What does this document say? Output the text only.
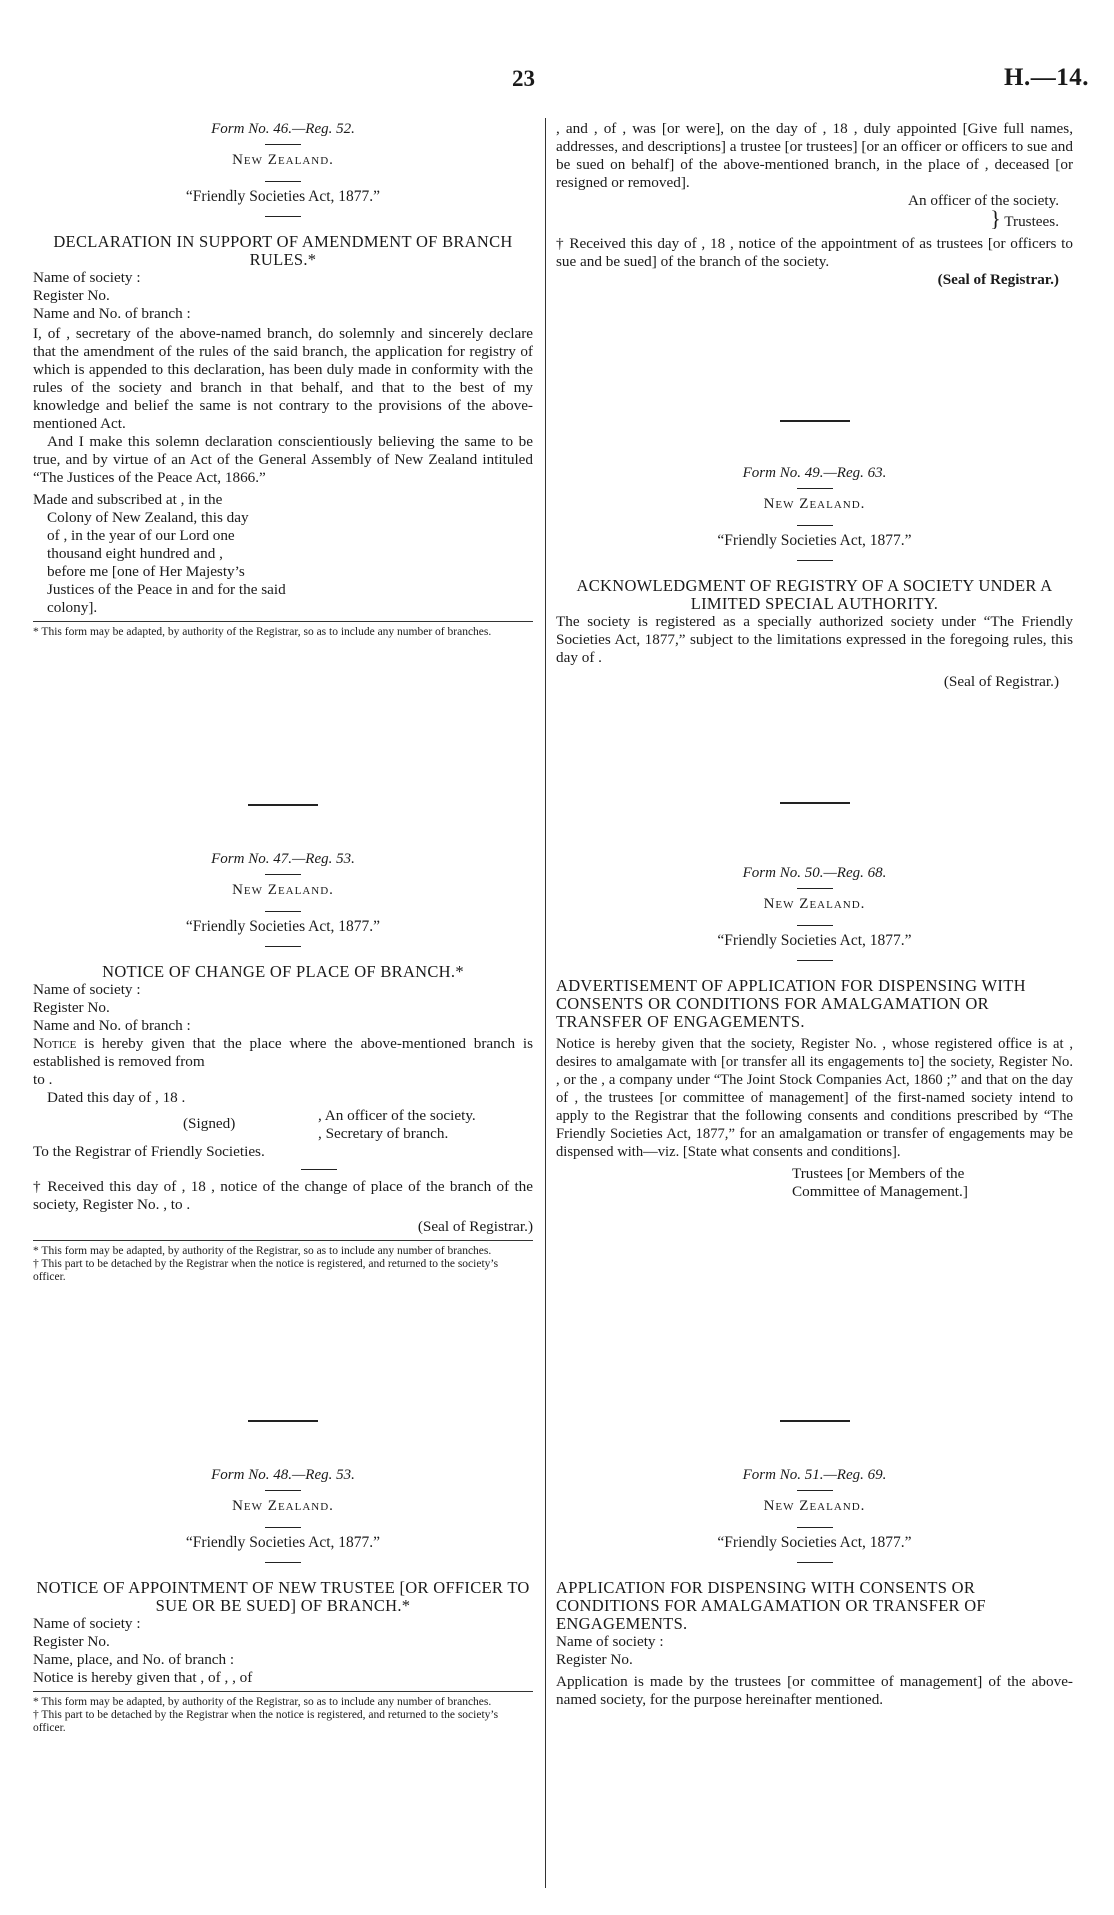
23	H.—14.
Form No. 46.—Reg. 52.
New Zealand.
“Friendly Societies Act, 1877.”
DECLARATION IN SUPPORT OF AMENDMENT OF BRANCH RULES.*
Name of society :
Register No.
Name and No. of branch :
I, of , secretary of the above-named branch, do solemnly and sincerely declare that the amendment of the rules of the said branch, the application for registry of which is appended to this declaration, has been duly made in conformity with the rules of the society and branch in that behalf, and that to the best of my knowledge and belief the same is not contrary to the provisions of the above-mentioned Act.
And I make this solemn declaration conscientiously believing the same to be true, and by virtue of an Act of the General Assembly of New Zealand intituled “The Justices of the Peace Act, 1866.”
Made and subscribed at , in the
Colony of New Zealand, this day
of , in the year of our Lord one
thousand eight hundred and ,
before me [one of Her Majesty’s
Justices of the Peace in and for the said
colony].
* This form may be adapted, by authority of the Registrar, so as to include any number of branches.
Form No. 47.—Reg. 53.
New Zealand.
“Friendly Societies Act, 1877.”
NOTICE OF CHANGE OF PLACE OF BRANCH.*
Name of society :
Register No.
Name and No. of branch :
Notice is hereby given that the place where the above-mentioned branch is established is removed from
to .
Dated this day of , 18 .
(Signed)	, An officer of the society.
, Secretary of branch.
To the Registrar of Friendly Societies.
† Received this day of , 18 , notice of the change of place of the branch of the society, Register No. , to .
(Seal of Registrar.)
* This form may be adapted, by authority of the Registrar, so as to include any number of branches.
† This part to be detached by the Registrar when the notice is registered, and returned to the society’s officer.
Form No. 48.—Reg. 53.
New Zealand.
“Friendly Societies Act, 1877.”
NOTICE OF APPOINTMENT OF NEW TRUSTEE [OR OFFICER TO SUE OR BE SUED] OF BRANCH.*
Name of society :
Register No.
Name, place, and No. of branch :
Notice is hereby given that , of , , of
* This form may be adapted, by authority of the Registrar, so as to include any number of branches.
† This part to be detached by the Registrar when the notice is registered, and returned to the society’s officer.
, and , of , was [or were], on the day of , 18 , duly appointed [Give full names, addresses, and descriptions] a trustee [or trustees] [or an officer or officers to sue and be sued on behalf] of the above-mentioned branch, in the place of , deceased [or resigned or removed].
An officer of the society.
} Trustees.
† Received this day of , 18 , notice of the appointment of as trustees [or officers to sue and be sued] of the branch of the society.
(Seal of Registrar.)
Form No. 49.—Reg. 63.
New Zealand.
“Friendly Societies Act, 1877.”
ACKNOWLEDGMENT OF REGISTRY OF A SOCIETY UNDER A LIMITED SPECIAL AUTHORITY.
The society is registered as a specially authorized society under “The Friendly Societies Act, 1877,” subject to the limitations expressed in the foregoing rules, this day of .
(Seal of Registrar.)
Form No. 50.—Reg. 68.
New Zealand.
“Friendly Societies Act, 1877.”
ADVERTISEMENT OF APPLICATION FOR DISPENSING WITH CONSENTS OR CONDITIONS FOR AMALGAMATION OR TRANSFER OF ENGAGEMENTS.
Notice is hereby given that the society, Register No. , whose registered office is at , desires to amalgamate with [or transfer all its engagements to] the society, Register No. , or the , a company under “The Joint Stock Companies Act, 1860 ;” and that on the day of , the trustees [or committee of management] of the first-named society intend to apply to the Registrar that the following consents and conditions prescribed by “The Friendly Societies Act, 1877,” for an amalgamation or transfer of engagements may be dispensed with—viz. [State what consents and conditions].
Trustees [or Members of the
Committee of Management.]
Form No. 51.—Reg. 69.
New Zealand.
“Friendly Societies Act, 1877.”
APPLICATION FOR DISPENSING WITH CONSENTS OR CONDITIONS FOR AMALGAMATION OR TRANSFER OF ENGAGEMENTS.
Name of society :
Register No.
Application is made by the trustees [or committee of management] of the above-named society, for the purpose hereinafter mentioned.
